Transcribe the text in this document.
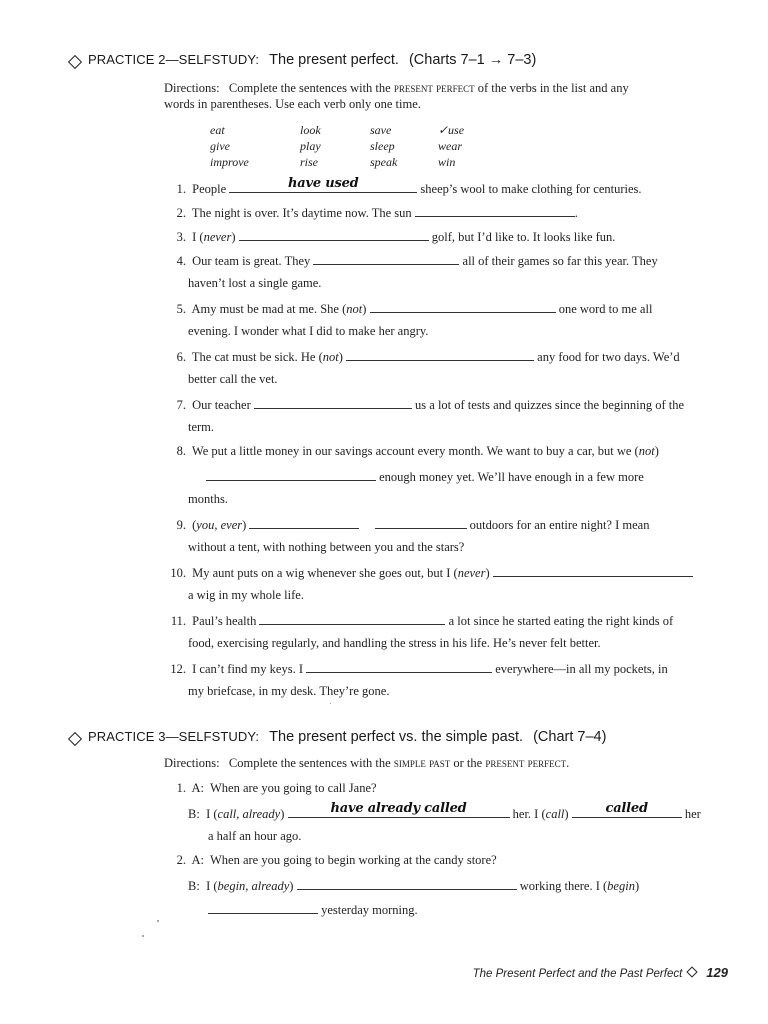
PRACTICE 2—SELFSTUDY: The present perfect. (Charts 7–1 → 7–3)
Directions: Complete the sentences with the present perfect of the verbs in the list and any
words in parentheses. Use each verb only one time.
eat	look	save	✓use
give	play	sleep	wear
improve	rise	speak	win
1. People	have used	sheep’s wool to make clothing for centuries.
2. The night is over. It’s daytime now. The sun	.
3. I (never)	golf, but I’d like to. It looks like fun.
4. Our team is great. They	all of their games so far this year. They
haven’t lost a single game.
5. Amy must be mad at me. She (not)	one word to me all
evening. I wonder what I did to make her angry.
6. The cat must be sick. He (not)	any food for two days. We’d
better call the vet.
7. Our teacher	us a lot of tests and quizzes since the beginning of the
term.
8. We put a little money in our savings account every month. We want to buy a car, but we (not)
enough money yet. We’ll have enough in a few more
months.
9. (you, ever)	outdoors for an entire night? I mean
without a tent, with nothing between you and the stars?
10. My aunt puts on a wig whenever she goes out, but I (never)
a wig in my whole life.
11. Paul’s health	a lot since he started eating the right kinds of
food, exercising regularly, and handling the stress in his life. He’s never felt better.
12. I can’t find my keys. I	everywhere—in all my pockets, in
my briefcase, in my desk. They’re gone.
PRACTICE 3—SELFSTUDY: The present perfect vs. the simple past. (Chart 7–4)
Directions: Complete the sentences with the simple past or the present perfect.
1. A: When are you going to call Jane?
B: I (call, already)	have already called	her. I (call)	called	her
a half an hour ago.
2. A: When are you going to begin working at the candy store?
B: I (begin, already)	working there. I (begin)
yesterday morning.
The Present Perfect and the Past Perfect 129
